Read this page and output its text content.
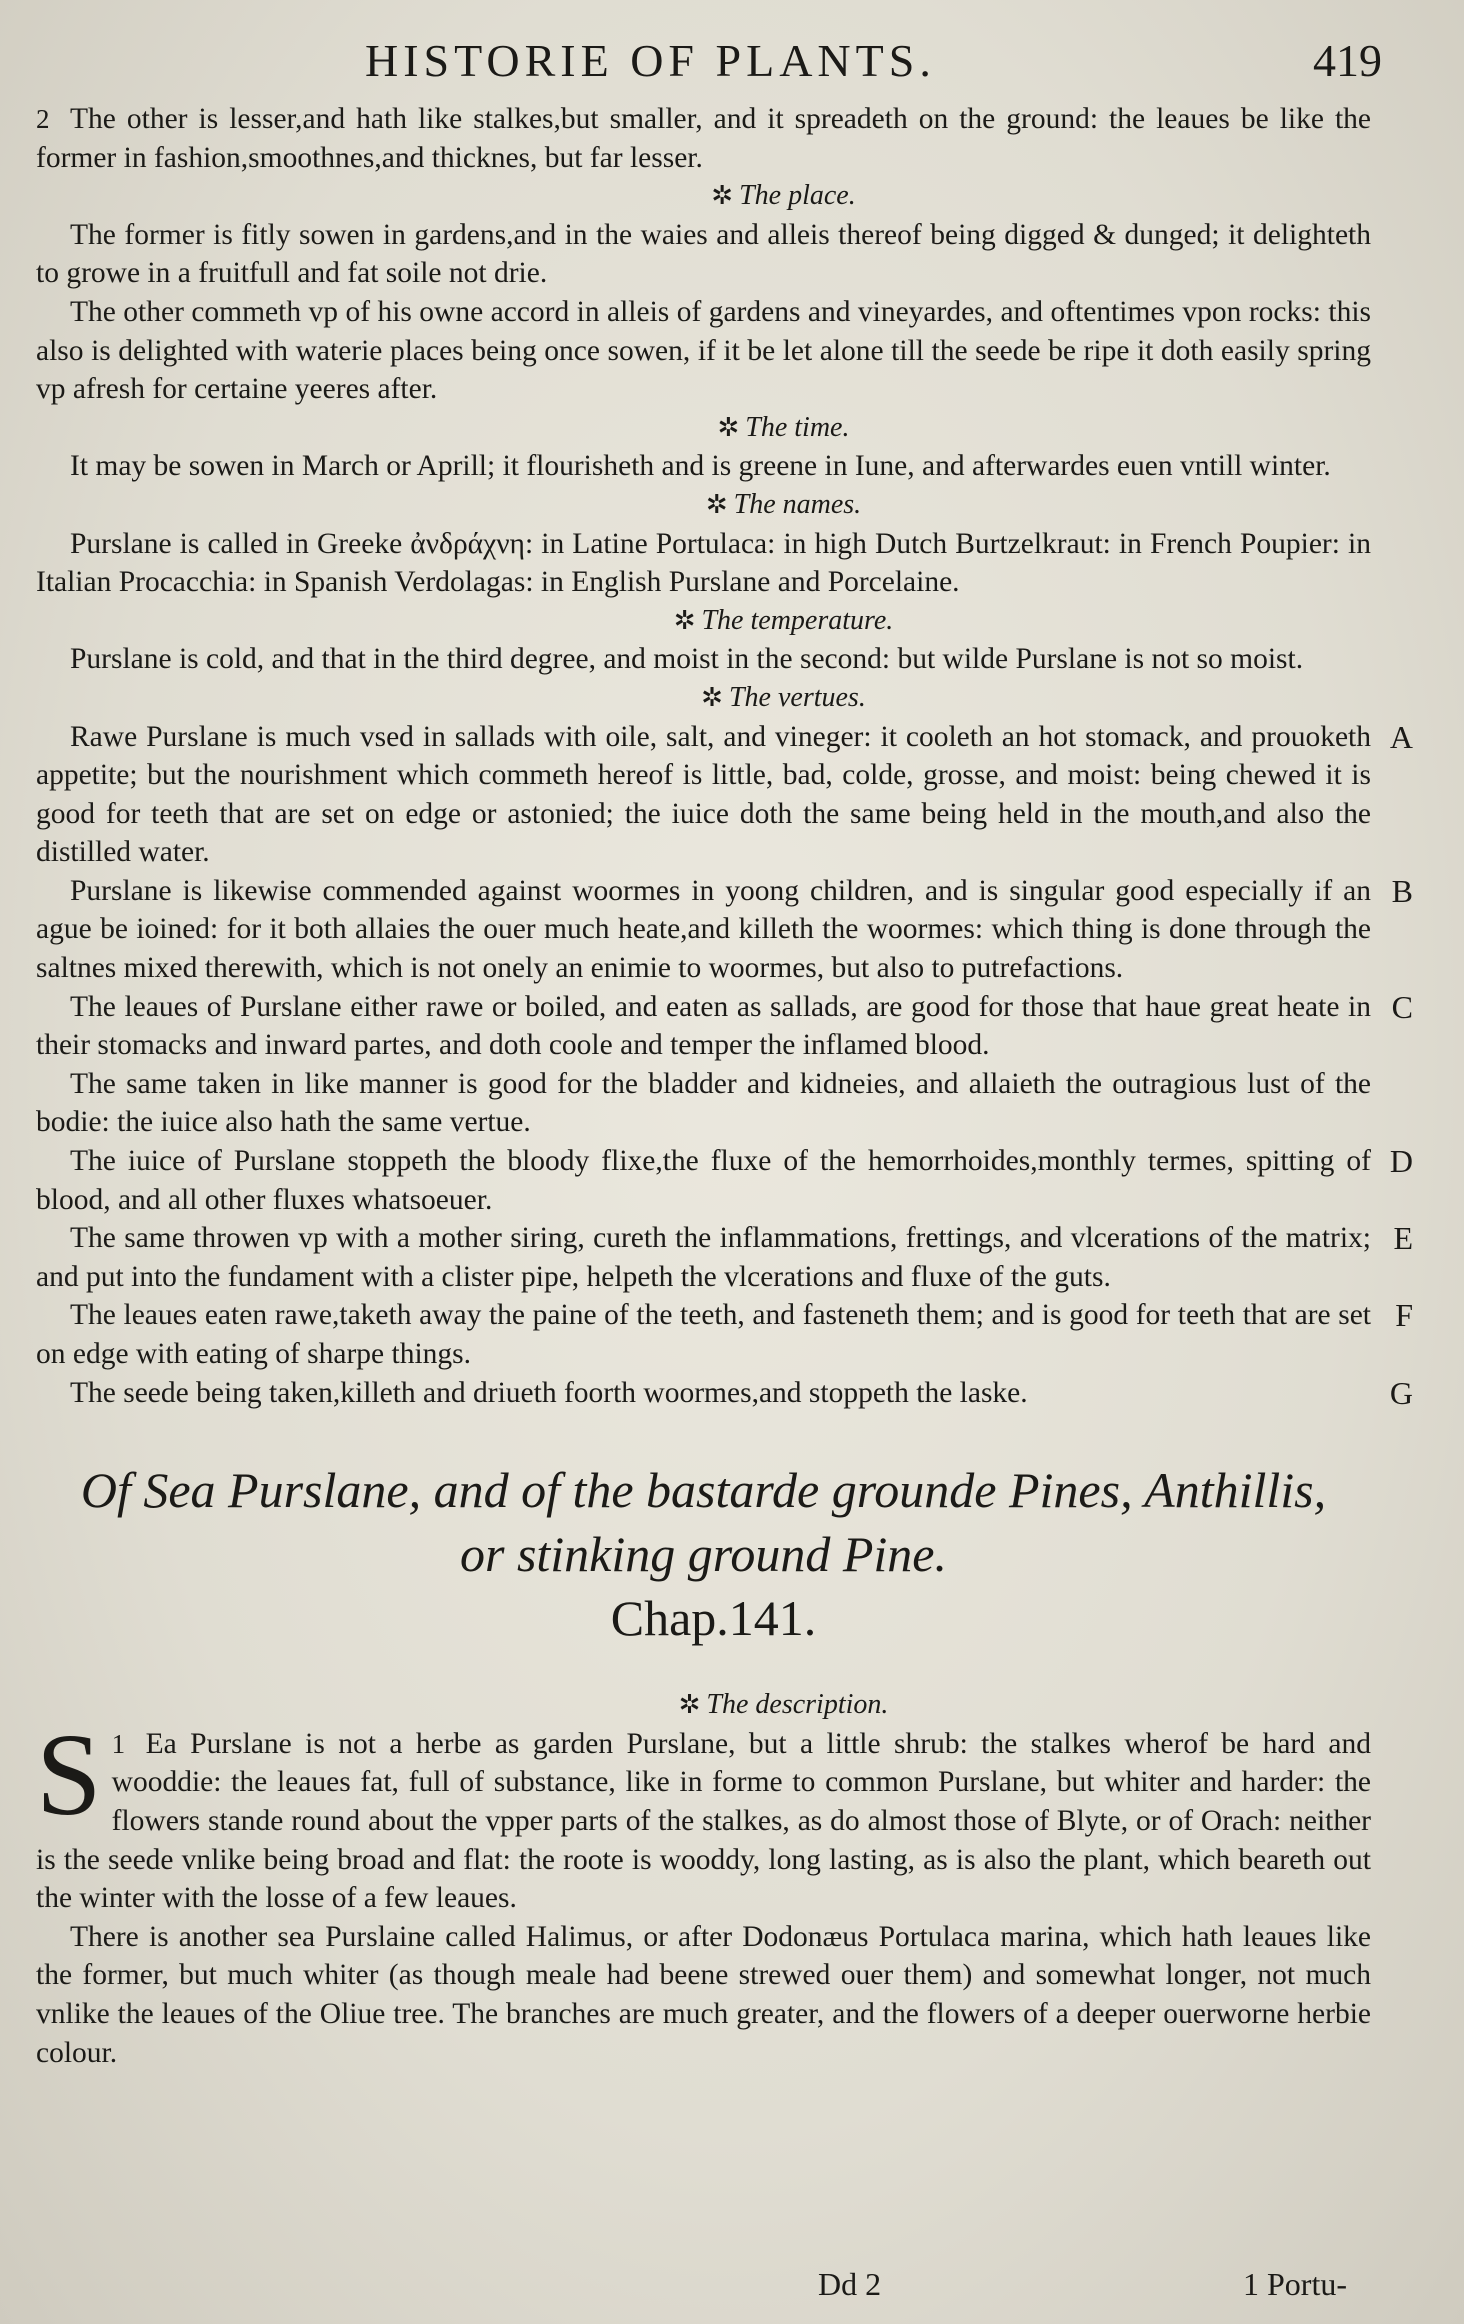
HISTORIE OF PLANTS.	419

2 The other is lesser,and hath like stalkes,but smaller, and it spreadeth on the ground: the leaues be like the former in fashion,smoothnes,and thicknes, but far lesser.

✲ The place.

The former is fitly sowen in gardens,and in the waies and alleis thereof being digged & dunged; it delighteth to growe in a fruitfull and fat soile not drie.

The other commeth vp of his owne accord in alleis of gardens and vineyardes, and oftentimes vpon rocks: this also is delighted with waterie places being once sowen, if it be let alone till the seede be ripe it doth easily spring vp afresh for certaine yeeres after.

✲ The time.

It may be sowen in March or Aprill; it flourisheth and is greene in Iune, and afterwardes euen vntill winter.

✲ The names.

Purslane is called in Greeke ἀνδράχνη: in Latine Portulaca: in high Dutch Burtzelkraut: in French Poupier: in Italian Procacchia: in Spanish Verdolagas: in English Purslane and Porcelaine.

✲ The temperature.

Purslane is cold, and that in the third degree, and moist in the second: but wilde Purslane is not so moist.

✲ The vertues.

Rawe Purslane is much vsed in sallads with oile, salt, and vineger: it cooleth an hot stomack, and prouoketh appetite; but the nourishment which commeth hereof is little, bad, colde, grosse, and moist: being chewed it is good for teeth that are set on edge or astonied; the iuice doth the same being held in the mouth,and also the distilled water.
A

Purslane is likewise commended against woormes in yoong children, and is singular good especially if an ague be ioined: for it both allaies the ouer much heate,and killeth the woormes: which thing is done through the saltnes mixed therewith, which is not onely an enimie to woormes, but also to putrefactions.
B

The leaues of Purslane either rawe or boiled, and eaten as sallads, are good for those that haue great heate in their stomacks and inward partes, and doth coole and temper the inflamed blood.
C

The same taken in like manner is good for the bladder and kidneies, and allaieth the outragious lust of the bodie: the iuice also hath the same vertue.

The iuice of Purslane stoppeth the bloody flixe,the fluxe of the hemorrhoides,monthly termes, spitting of blood, and all other fluxes whatsoeuer.
D

The same throwen vp with a mother siring, cureth the inflammations, frettings, and vlcerations of the matrix; and put into the fundament with a clister pipe, helpeth the vlcerations and fluxe of the guts.
E

The leaues eaten rawe,taketh away the paine of the teeth, and fasteneth them; and is good for teeth that are set on edge with eating of sharpe things.
F

The seede being taken,killeth and driueth foorth woormes,and stoppeth the laske.	G

Of Sea Purslane, and of the bastarde grounde Pines, Anthillis,
or stinking ground Pine.
Chap.141.

✲ The description.

1
S Ea Purslane is not a herbe as garden Purslane, but a little shrub: the stalkes wherof be hard and wooddie: the leaues fat, full of substance, like in forme to common Purslane, but whiter and harder: the flowers stande round about the vpper parts of the stalkes, as do almost those of Blyte, or of Orach: neither is the seede vnlike being broad and flat: the roote is wooddy, long lasting, as is also the plant, which beareth out the winter with the losse of a few leaues.

There is another sea Purslaine called Halimus, or after Dodonæus Portulaca marina, which hath leaues like the former, but much whiter (as though meale had beene strewed ouer them) and somewhat longer, not much vnlike the leaues of the Oliue tree. The branches are much greater, and the flowers of a deeper ouerworne herbie colour.

Dd 2	1 Portu-
